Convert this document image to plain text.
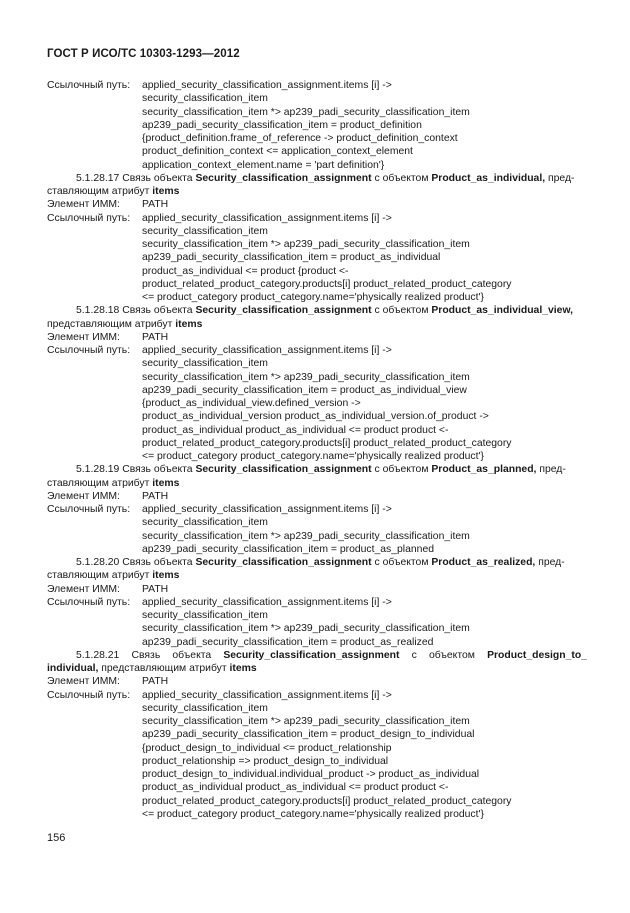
ГОСТ Р ИСО/ТС 10303-1293—2012
Ссылочный путь:	applied_security_classification_assignment.items [i] ->
security_classification_item
security_classification_item *> ap239_padi_security_classification_item
ap239_padi_security_classification_item = product_definition
{product_definition.frame_of_reference -> product_definition_context
product_definition_context <= application_context_element
application_context_element.name = 'part definition'}
5.1.28.17 Связь объекта Security_classification_assignment с объектом Product_as_individual, пред-
ставляющим атрибут items
Элемент ИММ:	PATH
Ссылочный путь:	applied_security_classification_assignment.items [i] ->
security_classification_item
security_classification_item *> ap239_padi_security_classification_item
ap239_padi_security_classification_item = product_as_individual
product_as_individual <= product {product <-
product_related_product_category.products[i] product_related_product_category
<= product_category product_category.name='physically realized product'}
5.1.28.18 Связь объекта Security_classification_assignment с объектом Product_as_individual_view,
представляющим атрибут items
Элемент ИММ:	PATH
Ссылочный путь:	applied_security_classification_assignment.items [i] ->
security_classification_item
security_classification_item *> ap239_padi_security_classification_item
ap239_padi_security_classification_item = product_as_individual_view
{product_as_individual_view.defined_version ->
product_as_individual_version product_as_individual_version.of_product ->
product_as_individual product_as_individual <= product product <-
product_related_product_category.products[i] product_related_product_category
<= product_category product_category.name='physically realized product'}
5.1.28.19 Связь объекта Security_classification_assignment с объектом Product_as_planned, пред-
ставляющим атрибут items
Элемент ИММ:	PATH
Ссылочный путь:	applied_security_classification_assignment.items [i] ->
security_classification_item
security_classification_item *> ap239_padi_security_classification_item
ap239_padi_security_classification_item = product_as_planned
5.1.28.20 Связь объекта Security_classification_assignment с объектом Product_as_realized, пред-
ставляющим атрибут items
Элемент ИММ:	PATH
Ссылочный путь:	applied_security_classification_assignment.items [i] ->
security_classification_item
security_classification_item *> ap239_padi_security_classification_item
ap239_padi_security_classification_item = product_as_realized
5.1.28.21 Связь объекта Security_classification_assignment с объектом Product_design_to_
individual, представляющим атрибут items
Элемент ИММ:	PATH
Ссылочный путь:	applied_security_classification_assignment.items [i] ->
security_classification_item
security_classification_item *> ap239_padi_security_classification_item
ap239_padi_security_classification_item = product_design_to_individual
{product_design_to_individual <= product_relationship
product_relationship => product_design_to_individual
product_design_to_individual.individual_product -> product_as_individual
product_as_individual product_as_individual <= product product <-
product_related_product_category.products[i] product_related_product_category
<= product_category product_category.name='physically realized product'}
156
